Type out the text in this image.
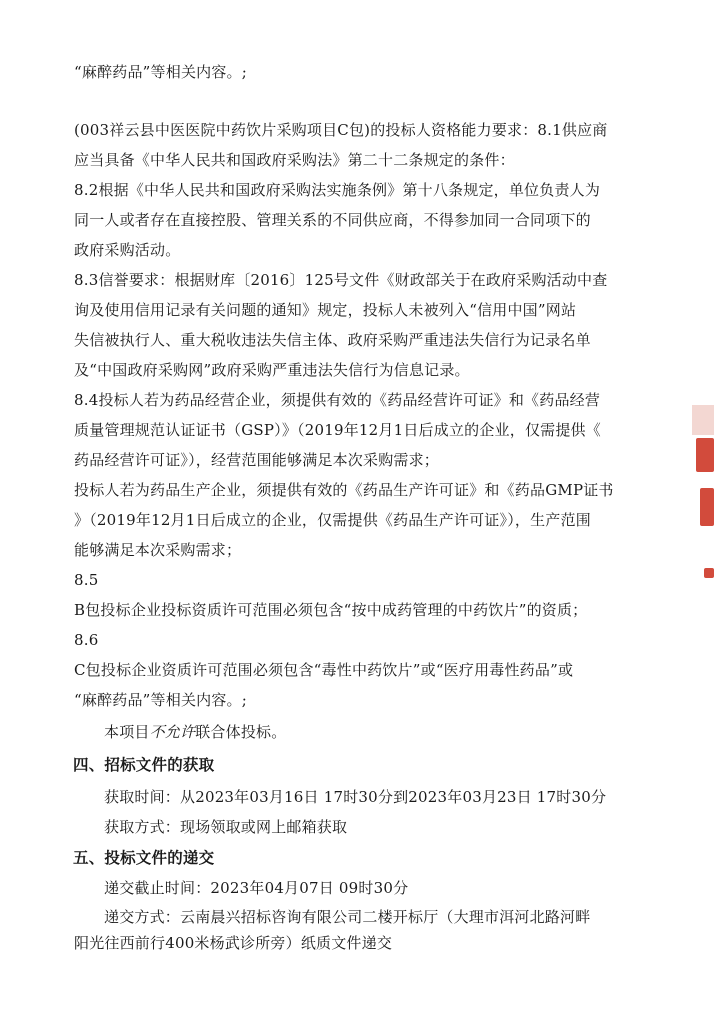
“麻醉药品”等相关内容。;
(003祥云县中医医院中药饮片采购项目C包)的投标人资格能力要求：8.1供应商
应当具备《中华人民共和国政府采购法》第二十二条规定的条件：
8.2根据《中华人民共和国政府采购法实施条例》第十八条规定，单位负责人为
同一人或者存在直接控股、管理关系的不同供应商，不得参加同一合同项下的
政府采购活动。
8.3信誉要求：根据财库〔2016〕125号文件《财政部关于在政府采购活动中查
询及使用信用记录有关问题的通知》规定，投标人未被列入“信用中国”网站
失信被执行人、重大税收违法失信主体、政府采购严重违法失信行为记录名单
及“中国政府采购网”政府采购严重违法失信行为信息记录。
8.4投标人若为药品经营企业，须提供有效的《药品经营许可证》和《药品经营
质量管理规范认证证书（GSP）》（2019年12月1日后成立的企业，仅需提供《
药品经营许可证》），经营范围能够满足本次采购需求；
投标人若为药品生产企业，须提供有效的《药品生产许可证》和《药品GMP证书
》（2019年12月1日后成立的企业，仅需提供《药品生产许可证》），生产范围
能够满足本次采购需求；
8.5
B包投标企业投标资质许可范围必须包含“按中成药管理的中药饮片”的资质；
8.6
C包投标企业资质许可范围必须包含“毒性中药饮片”或“医疗用毒性药品”或
“麻醉药品”等相关内容。;
本项目不允许联合体投标。
四、招标文件的获取
获取时间：从2023年03月16日 17时30分到2023年03月23日 17时30分
获取方式：现场领取或网上邮箱获取
五、投标文件的递交
递交截止时间：2023年04月07日 09时30分
递交方式：云南晨兴招标咨询有限公司二楼开标厅（大理市洱河北路河畔
阳光往西前行400米杨武诊所旁）纸质文件递交
